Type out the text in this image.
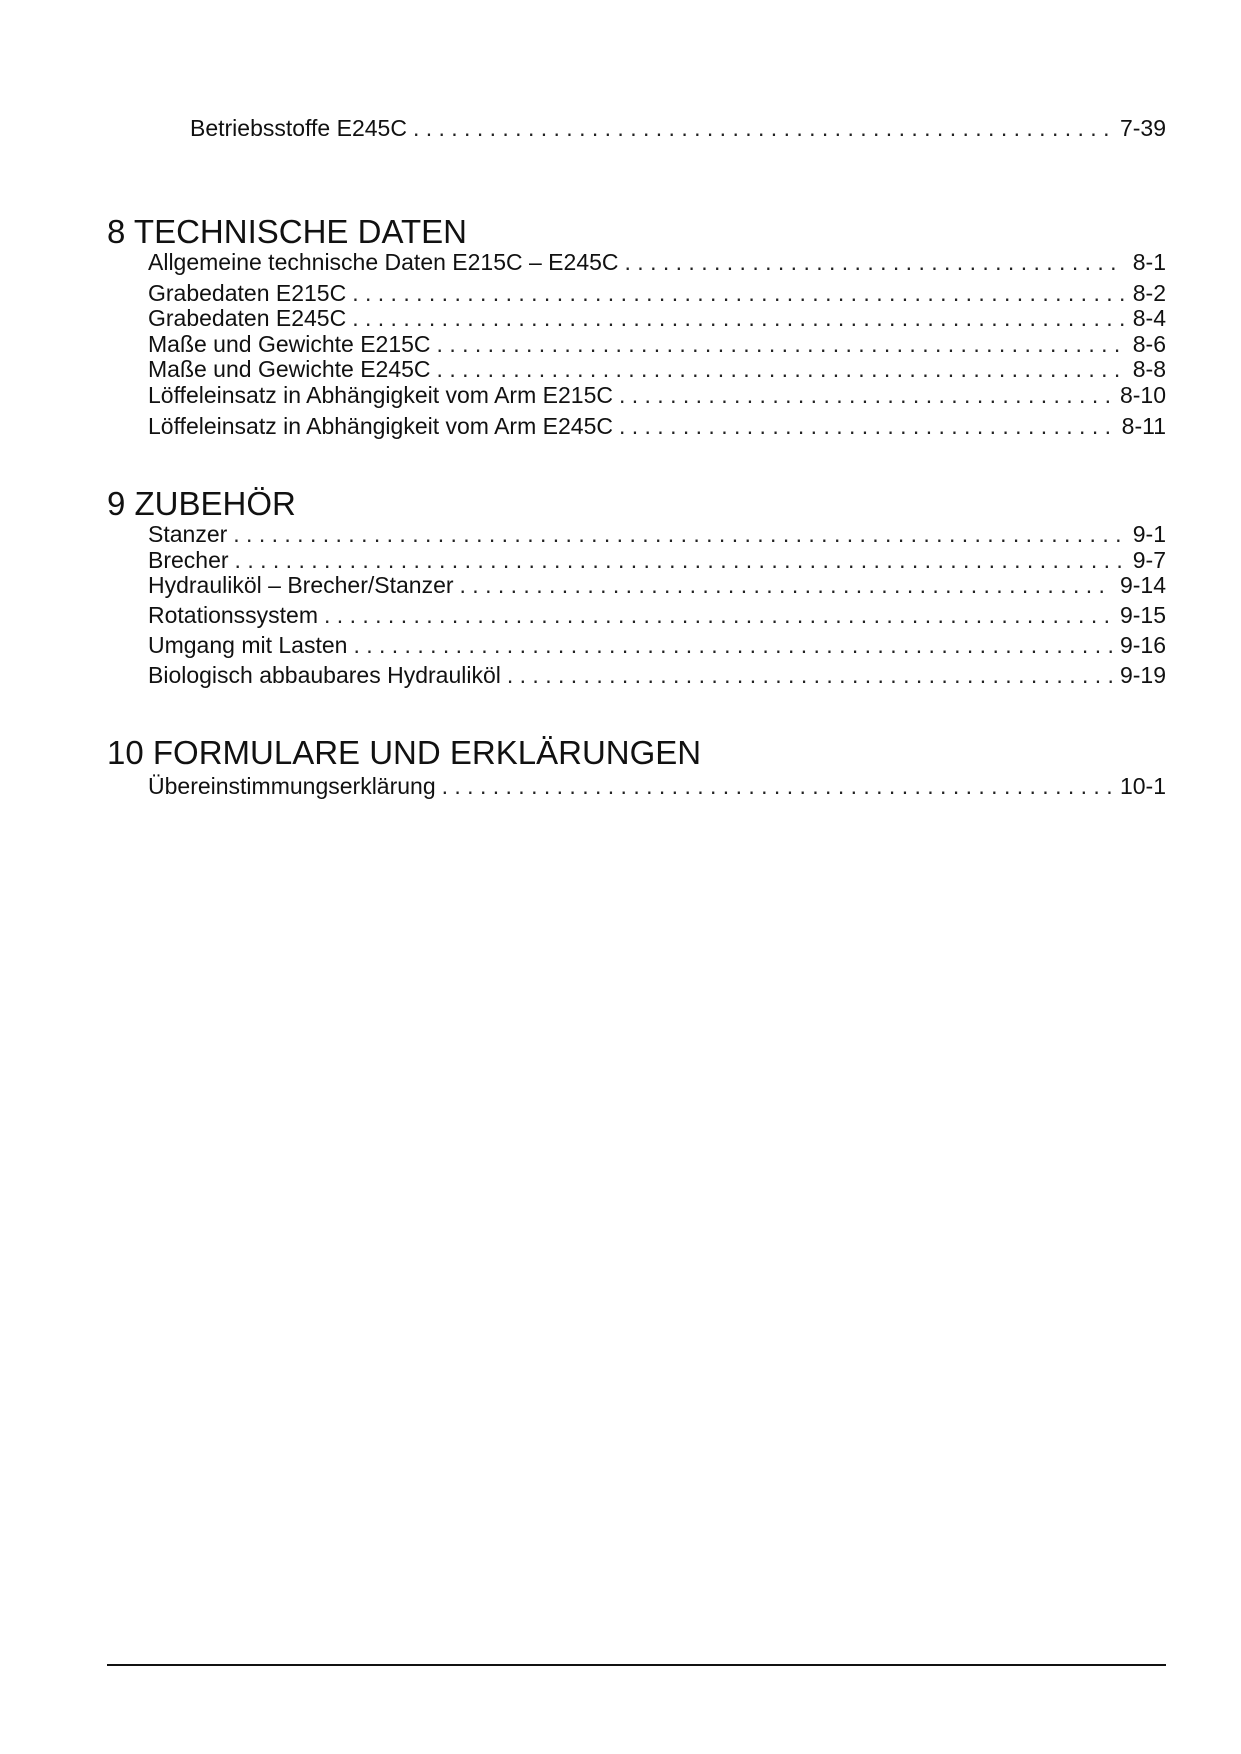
Betriebsstoffe E245C . . .	7-39
8 TECHNISCHE DATEN
Allgemeine technische Daten E215C – E245C . . .	8-1
Grabedaten E215C . . .	8-2
Grabedaten E245C . . .	8-4
Maße und Gewichte E215C . . .	8-6
Maße und Gewichte E245C . . .	8-8
Löffeleinsatz in Abhängigkeit vom Arm E215C . . .	8-10
Löffeleinsatz in Abhängigkeit vom Arm E245C . . .	8-11
9 ZUBEHÖR
Stanzer . . .	9-1
Brecher . . .	9-7
Hydrauliköl – Brecher/Stanzer . . .	9-14
Rotationssystem . . .	9-15
Umgang mit Lasten . . .	9-16
Biologisch abbaubares Hydrauliköl . . .	9-19
10 FORMULARE UND ERKLÄRUNGEN
Übereinstimmungserklärung . . .	10-1
